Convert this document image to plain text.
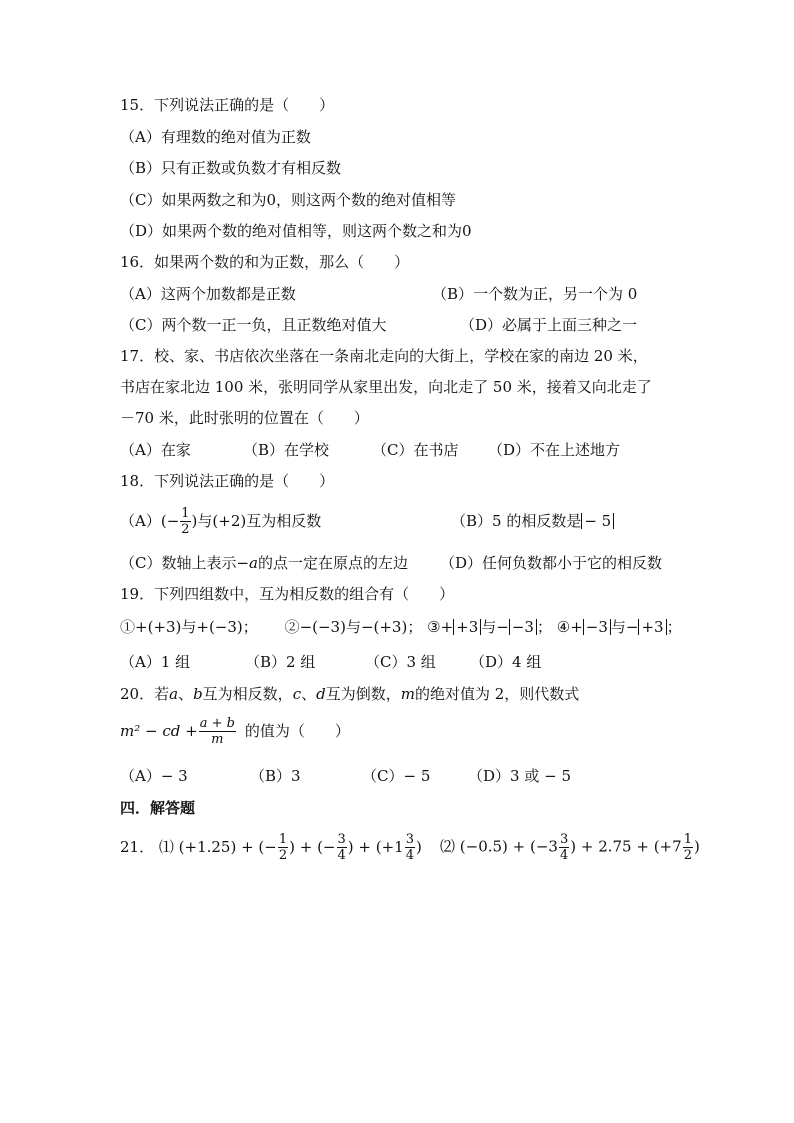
15．下列说法正确的是（　　）
（A）有理数的绝对值为正数
（B）只有正数或负数才有相反数
（C）如果两数之和为0，则这两个数的绝对值相等
（D）如果两个数的绝对值相等，则这两个数之和为0
16．如果两个数的和为正数，那么（　　）
（A）这两个加数都是正数	（B）一个数为正，另一个为 0
（C）两个数一正一负，且正数绝对值大	（D）必属于上面三种之一
17．校、家、书店依次坐落在一条南北走向的大街上，学校在家的南边 20 米，
书店在家北边 100 米，张明同学从家里出发，向北走了 50 米，接着又向北走了
－70 米，此时张明的位置在（　　）
（A）在家	（B）在学校	（C）在书店 （D）不在上述地方
18．下列说法正确的是（　　）
$(A)(- \frac{1}{2}$ )与(+2)互为相反数	（B）5 的相反数是 − 5
（C）数轴上表示−a的点一定在原点的左边 （D）任何负数都小于它的相反数
19．下列四组数中，互为相反数的组合有（　　）
①+(+3)与+(−3)； ②−(−3)与−(+3)； ③+ +3 与− −3 ； ④+ −3 与− +3 ；
（A）1 组	（B）2 组	（C）3 组 （D）4 组
20．若a、b互为相反数，c、d互为倒数，m的绝对值为 2，则代数式
m² − cd + $\frac{a + b}{m}$ 的值为（　　）
（A）− 3	（B）3	（C）− 5	（D）3 或 − 5
四．解答题
21． ⑴ (+1.25) + (− $\frac{1}{2}$ ) + (− $\frac{3}{4}$ ) + ($+1 \frac{3}{4}$ ) ⑵ $(-0.5) + (-3 \frac{3}{4}$ ) + $2.75 + (+7 \frac{1}{2}$ )
